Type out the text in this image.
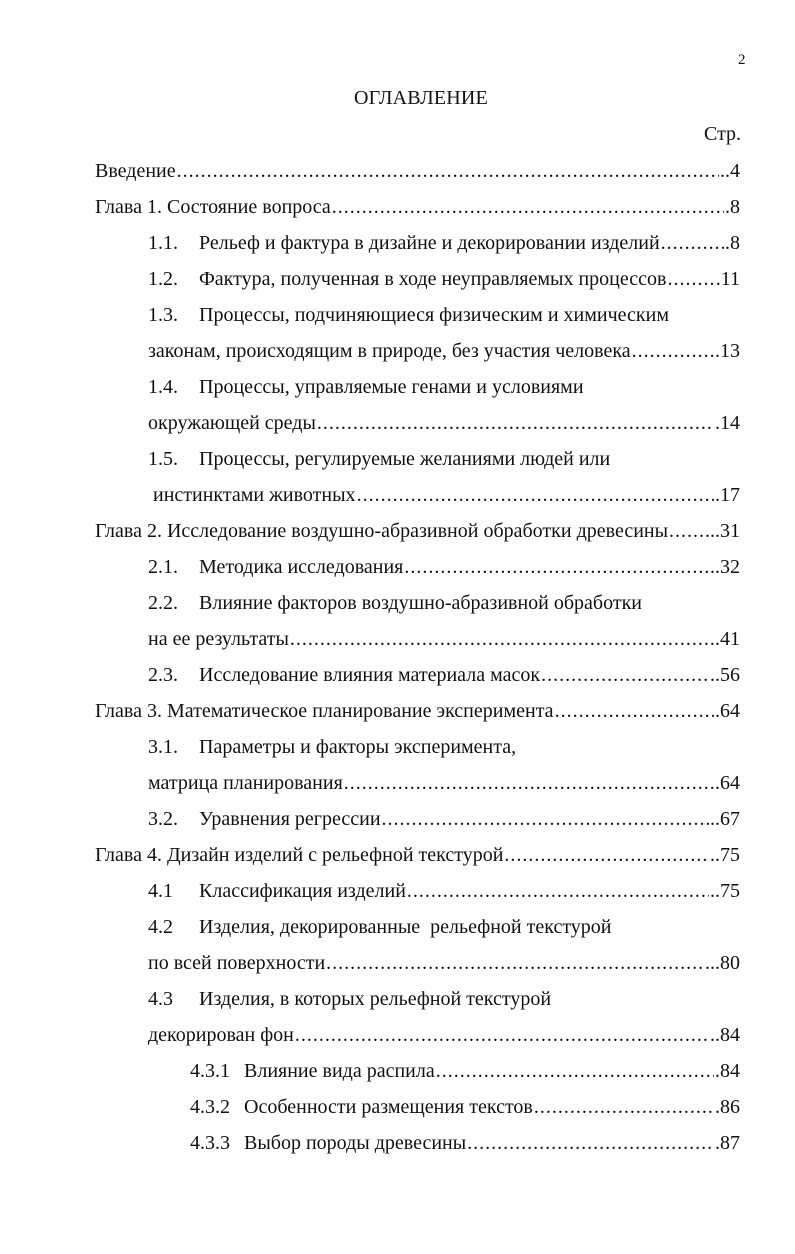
2
ОГЛАВЛЕНИЕ
Стр.
Введение .....	..4
Глава 1. Состояние вопроса .....	.8
1.1.	Рельеф и фактура в дизайне и декорировании изделий .....	.8
1.2.	Фактура, полученная в ходе неуправляемых процессов ..... .11
1.3.	Процессы, подчиняющиеся физическим и химическим
законам, происходящим в природе, без участия человека .....	.13
1.4.	Процессы, управляемые генами и условиями
окружающей среды .....	.14
1.5.	Процессы, регулируемые желаниями людей или
инстинктами животных .....	.17
Глава 2. Исследование воздушно-абразивной обработки древесины ..... ..31
2.1.	Методика исследования .....	..32
2.2.	Влияние факторов воздушно-абразивной обработки
на ее результаты .....	.41
2.3.	Исследование влияния материала масок .....	..56
Глава 3. Математическое планирование эксперимента .....	.64
3.1.	Параметры и факторы эксперимента,
матрица планирования .....	.64
3.2.	Уравнения регрессии .....	..67
Глава 4. Дизайн изделий с рельефной текстурой .....	..75
4.1	Классификация изделий .....	..75
4.2	Изделия, декорированные  рельефной текстурой
по всей поверхности .....	...80
4.3	Изделия, в которых рельефной текстурой
декорирован фон .....	..84
4.3.1 Влияние вида распила .....	.84
4.3.2 Особенности размещения текстов .....	.86
4.3.3 Выбор породы древесины .....	.87
